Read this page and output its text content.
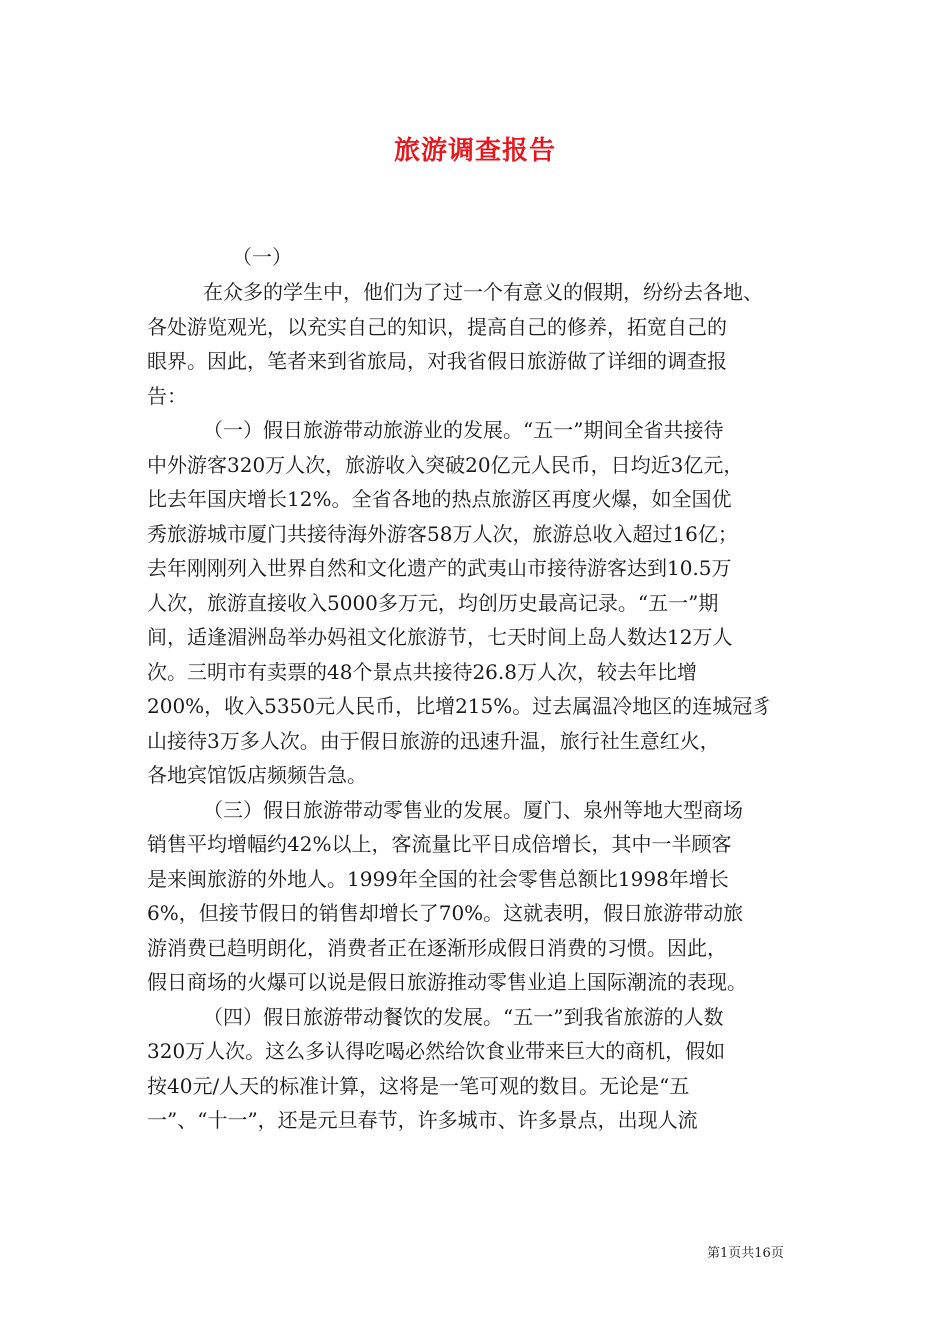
旅游调查报告
（一）
在众多的学生中，他们为了过一个有意义的假期，纷纷去各地、
各处游览观光，以充实自己的知识，提高自己的修养，拓宽自己的
眼界。因此，笔者来到省旅局，对我省假日旅游做了详细的调查报
告：
（一）假日旅游带动旅游业的发展。“五一”期间全省共接待
中外游客320万人次，旅游收入突破20亿元人民币，日均近3亿元，
比去年国庆增长12%。全省各地的热点旅游区再度火爆，如全国优
秀旅游城市厦门共接待海外游客58万人次，旅游总收入超过16亿；
去年刚刚列入世界自然和文化遗产的武夷山市接待游客达到10.5万
人次，旅游直接收入5000多万元，均创历史最高记录。“五一”期
间，适逢湄洲岛举办妈祖文化旅游节，七天时间上岛人数达12万人
次。三明市有卖票的48个景点共接待26.8万人次，较去年比增
200%，收入5350元人民币，比增215%。过去属温冷地区的连城冠豸
山接待3万多人次。由于假日旅游的迅速升温，旅行社生意红火，
各地宾馆饭店频频告急。
（三）假日旅游带动零售业的发展。厦门、泉州等地大型商场
销售平均增幅约42%以上，客流量比平日成倍增长，其中一半顾客
是来闽旅游的外地人。1999年全国的社会零售总额比1998年增长
6%，但接节假日的销售却增长了70%。这就表明，假日旅游带动旅
游消费已趋明朗化，消费者正在逐渐形成假日消费的习惯。因此，
假日商场的火爆可以说是假日旅游推动零售业追上国际潮流的表现。
（四）假日旅游带动餐饮的发展。“五一”到我省旅游的人数
320万人次。这么多认得吃喝必然给饮食业带来巨大的商机，假如
按40元/人天的标准计算，这将是一笔可观的数目。无论是“五
一”、“十一”，还是元旦春节，许多城市、许多景点，出现人流
第1页共16页
